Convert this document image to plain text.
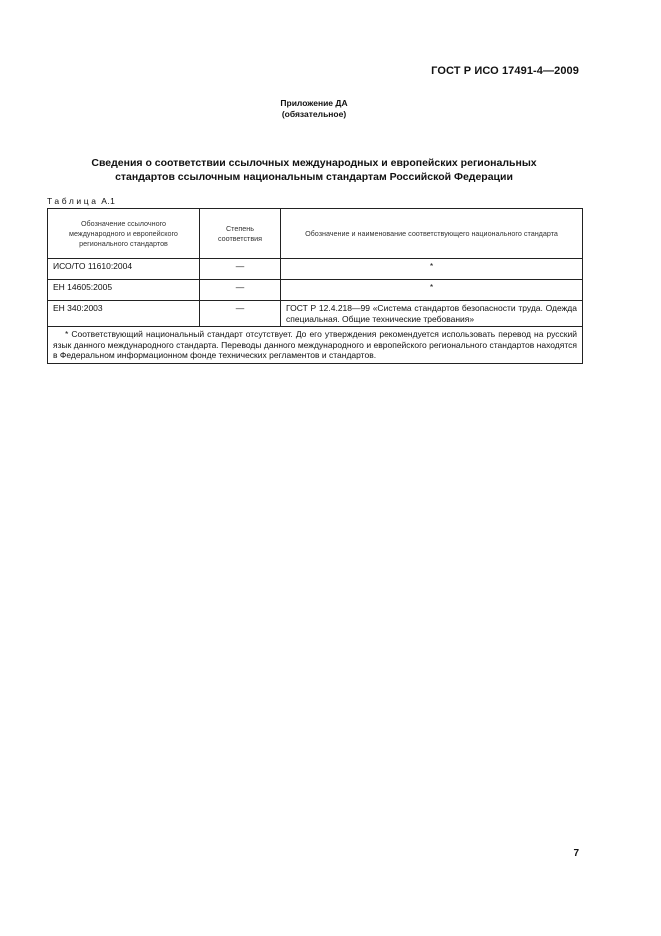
ГОСТ Р ИСО 17491-4—2009
Приложение ДА
(обязательное)
Сведения о соответствии ссылочных международных и европейских региональных
стандартов ссылочным национальным стандартам Российской Федерации
Таблица А.1
Обозначение ссылочного международного и европейского регионального стандартов	Степень соответствия	Обозначение и наименование соответствующего национального стандарта
ИСО/ТО 11610:2004	—	*
ЕН 14605:2005	—	*
ЕН 340:2003	—	ГОСТ Р 12.4.218—99 «Система стандартов безопасности труда. Одежда специальная. Общие технические требования»
* Соответствующий национальный стандарт отсутствует. До его утверждения рекомендуется использовать перевод на русский язык данного международного стандарта. Переводы данного международного и европейского регионального стандартов находятся в Федеральном информационном фонде технических регламентов и стандартов.		
7
